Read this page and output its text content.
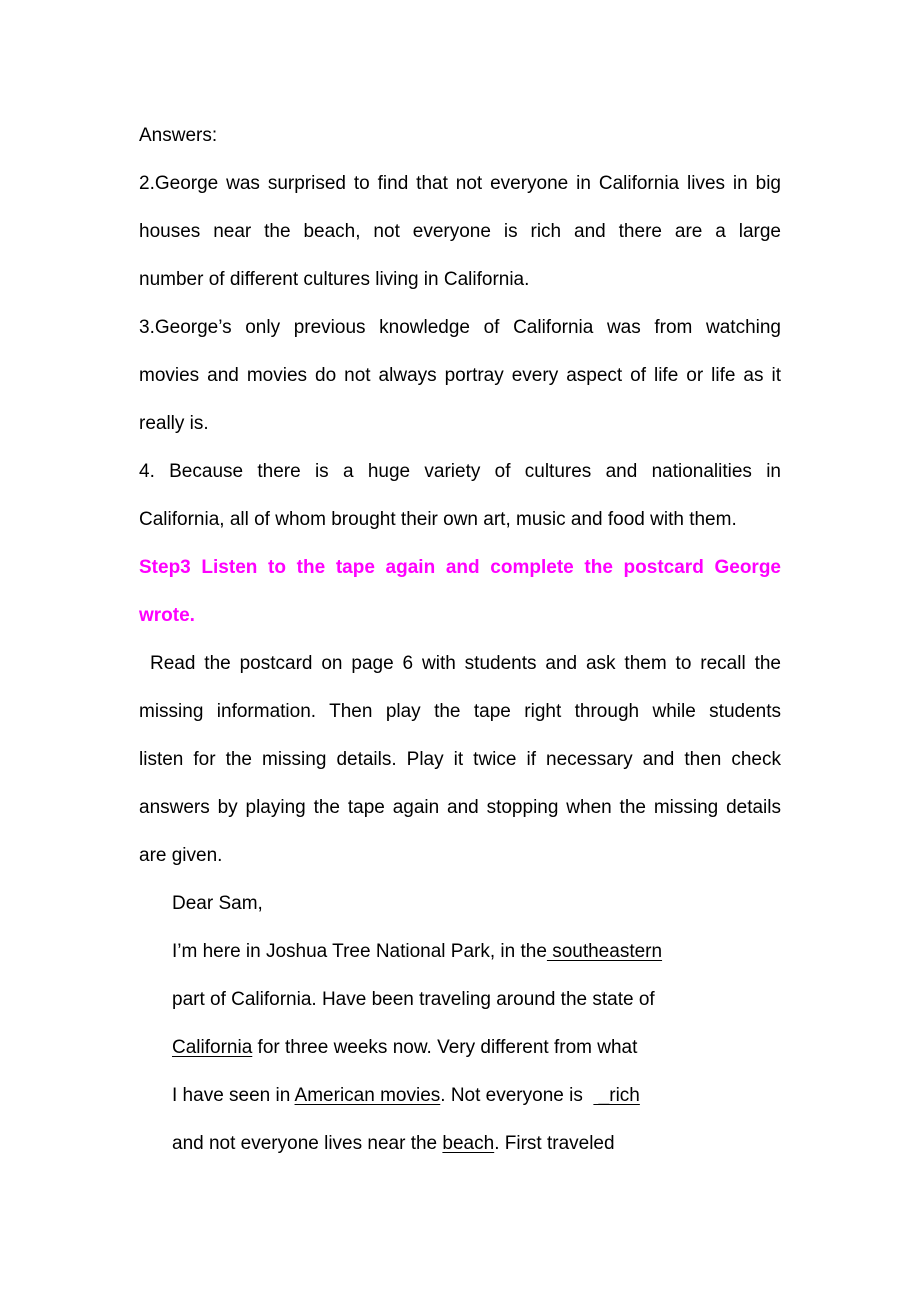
Answers:
2.George was surprised to find that not everyone in California lives in big
houses near the beach, not everyone is rich and there are a large
number of different cultures living in California.
3.George’s only previous knowledge of California was from watching
movies and movies do not always portray every aspect of life or life as it
really is.
4. Because there is a huge variety of cultures and nationalities in
California, all of whom brought their own art, music and food with them.
Step3 Listen to the tape again and complete the postcard George
wrote.
Read the postcard on page 6 with students and ask them to recall the
missing information. Then play the tape right through while students
listen for the missing details. Play it twice if necessary and then check
answers by playing the tape again and stopping when the missing details
are given.
Dear Sam,
I’m here in Joshua Tree National Park, in the southeastern
part of California. Have been traveling around the state of
California for three weeks now. Very different from what
I have seen in American movies. Not everyone is   _rich
and not everyone lives near the beach. First traveled
